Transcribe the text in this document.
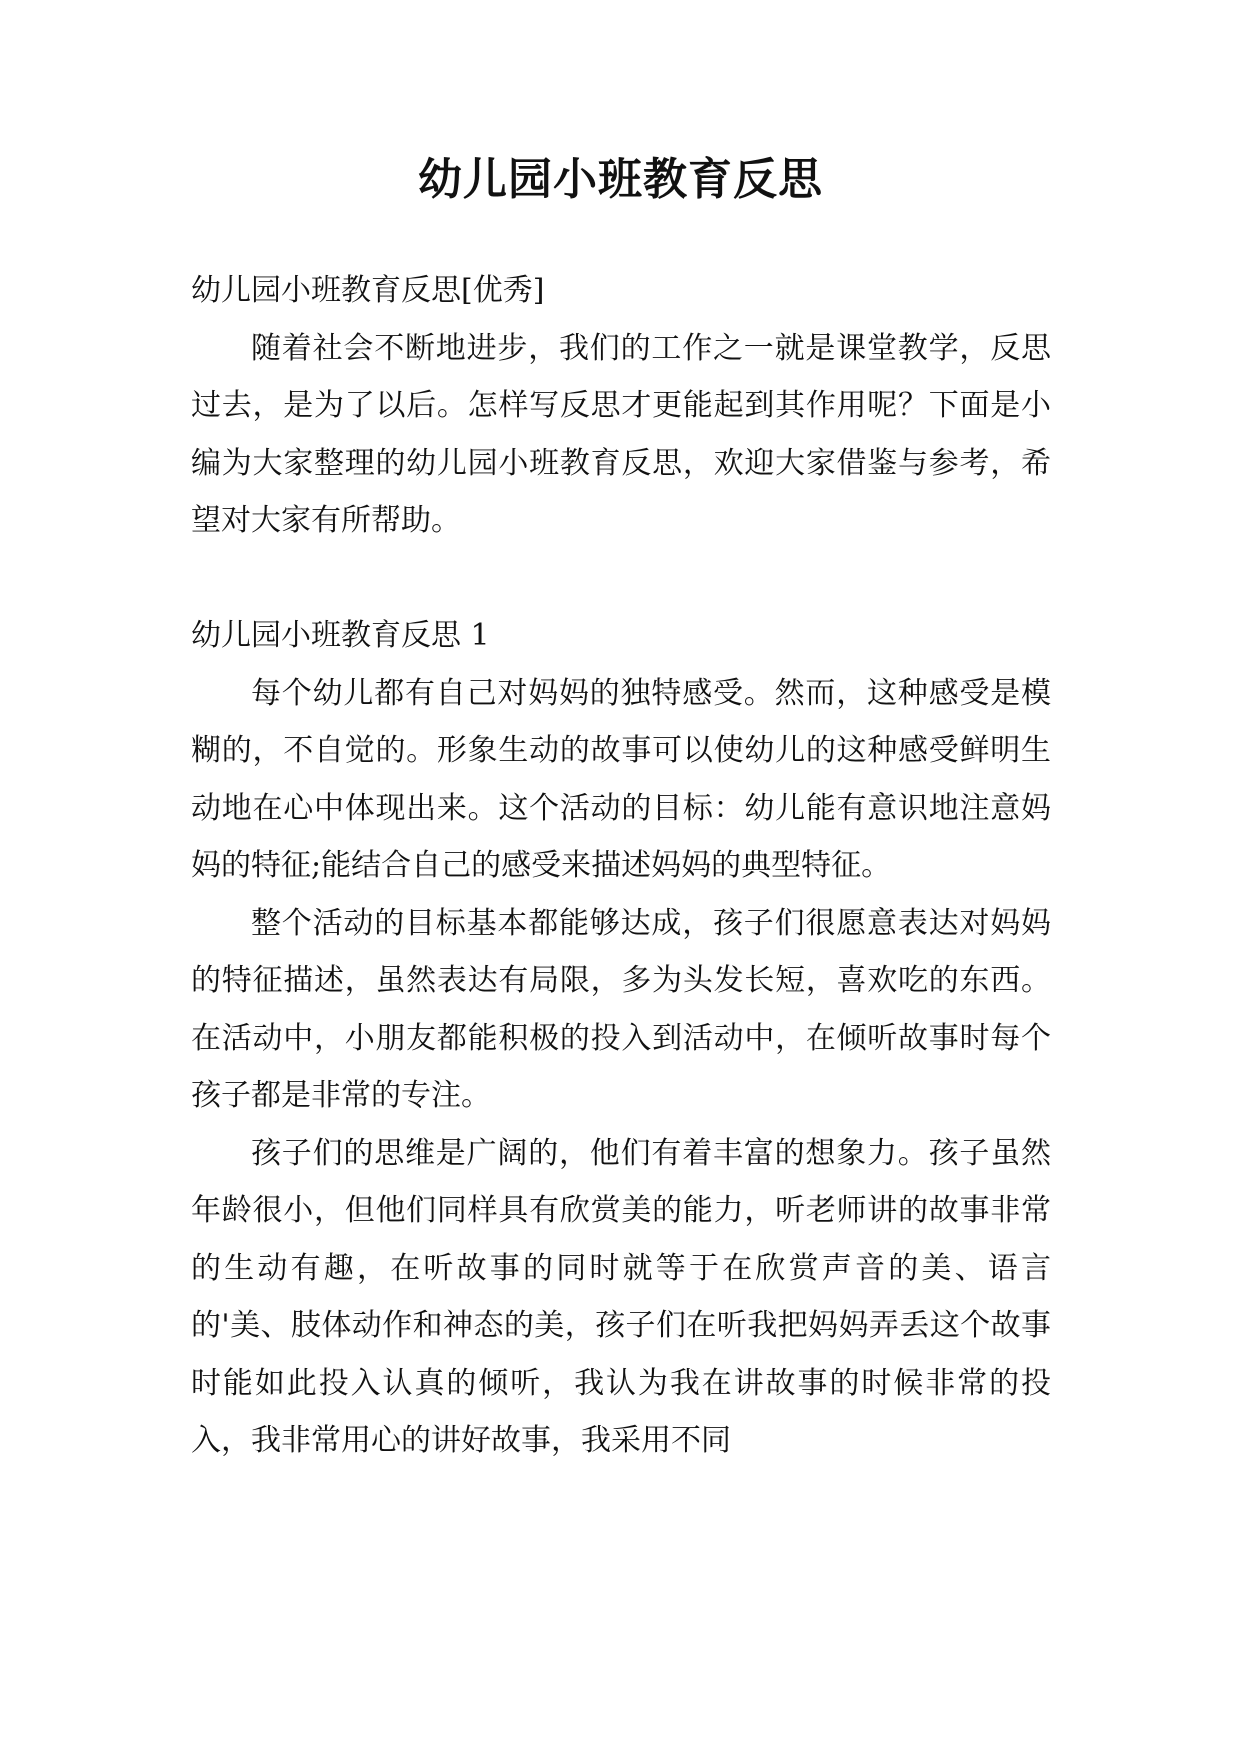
幼儿园小班教育反思

幼儿园小班教育反思[优秀]

随着社会不断地进步，我们的工作之一就是课堂教学，反思过去，是为了以后。怎样写反思才更能起到其作用呢？下面是小编为大家整理的幼儿园小班教育反思，欢迎大家借鉴与参考，希望对大家有所帮助。

幼儿园小班教育反思 1

每个幼儿都有自己对妈妈的独特感受。然而，这种感受是模糊的，不自觉的。形象生动的故事可以使幼儿的这种感受鲜明生动地在心中体现出来。这个活动的目标：幼儿能有意识地注意妈妈的特征;能结合自己的感受来描述妈妈的典型特征。

整个活动的目标基本都能够达成，孩子们很愿意表达对妈妈的特征描述，虽然表达有局限，多为头发长短，喜欢吃的东西。在活动中，小朋友都能积极的投入到活动中，在倾听故事时每个孩子都是非常的专注。

孩子们的思维是广阔的，他们有着丰富的想象力。孩子虽然年龄很小，但他们同样具有欣赏美的能力，听老师讲的故事非常的生动有趣，在听故事的同时就等于在欣赏声音的美、语言的'美、肢体动作和神态的美，孩子们在听我把妈妈弄丢这个故事时能如此投入认真的倾听，我认为我在讲故事的时候非常的投入，我非常用心的讲好故事，我采用不同
